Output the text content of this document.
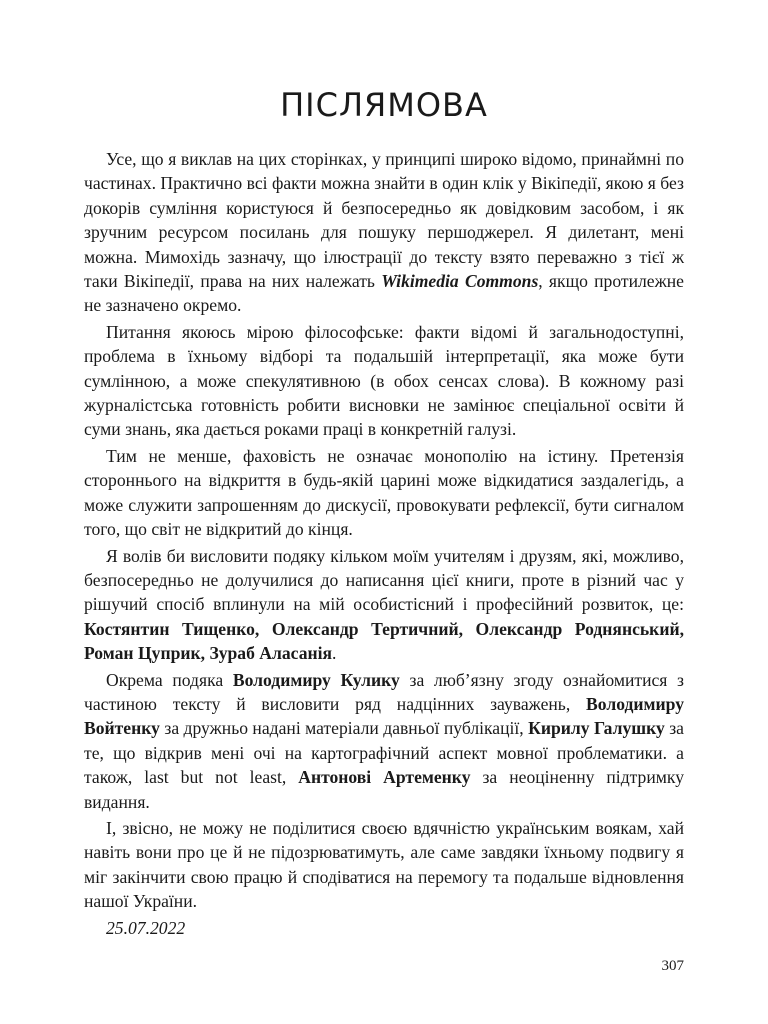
ПІСЛЯМОВА

Усе, що я виклав на цих сторінках, у принципі широко відомо, принаймні по частинах. Практично всі факти можна знайти в один клік у Вікіпедії, якою я без докорів сумління користуюся й безпосередньо як довідковим засобом, і як зручним ресурсом посилань для пошуку першоджерел. Я дилетант, мені можна. Мимохідь зазначу, що ілюстрації до тексту взято переважно з тієї ж таки Вікіпедії, права на них належать Wikimedia Commons, якщо протилежне не зазначено окремо.

Питання якоюсь мірою філософське: факти відомі й загальнодоступні, проблема в їхньому відборі та подальшій інтерпретації, яка може бути сумлінною, а може спекулятивною (в обох сенсах слова). В кожному разі журналістська готовність робити висновки не замінює спеціальної освіти й суми знань, яка дається роками праці в конкретній галузі.

Тим не менше, фаховість не означає монополію на істину. Претензія стороннього на відкриття в будь-якій царині може відкидатися заздалегідь, а може служити запрошенням до дискусії, провокувати рефлексії, бути сигналом того, що світ не відкритий до кінця.

Я волів би висловити подяку кільком моїм учителям і друзям, які, можливо, безпосередньо не долучилися до написання цієї книги, проте в різний час у рішучий спосіб вплинули на мій особистісний і професійний розвиток, це: Костянтин Тищенко, Олександр Тертичний, Олександр Роднянський, Роман Цуприк, Зураб Аласанія.

Окрема подяка Володимиру Кулику за люб’язну згоду ознайомитися з частиною тексту й висловити ряд надцінних зауважень, Володимиру Войтенку за дружньо надані матеріали давньої публікації, Кирилу Галушку за те, що відкрив мені очі на картографічний аспект мовної проблематики. а також, last but not least, Антонові Артеменку за неоціненну підтримку видання.

І, звісно, не можу не поділитися своєю вдячністю українським воякам, хай навіть вони про це й не підозрюватимуть, але саме завдяки їхньому подвигу я міг закінчити свою працю й сподіватися на перемогу та подальше відновлення нашої України.

25.07.2022

307
